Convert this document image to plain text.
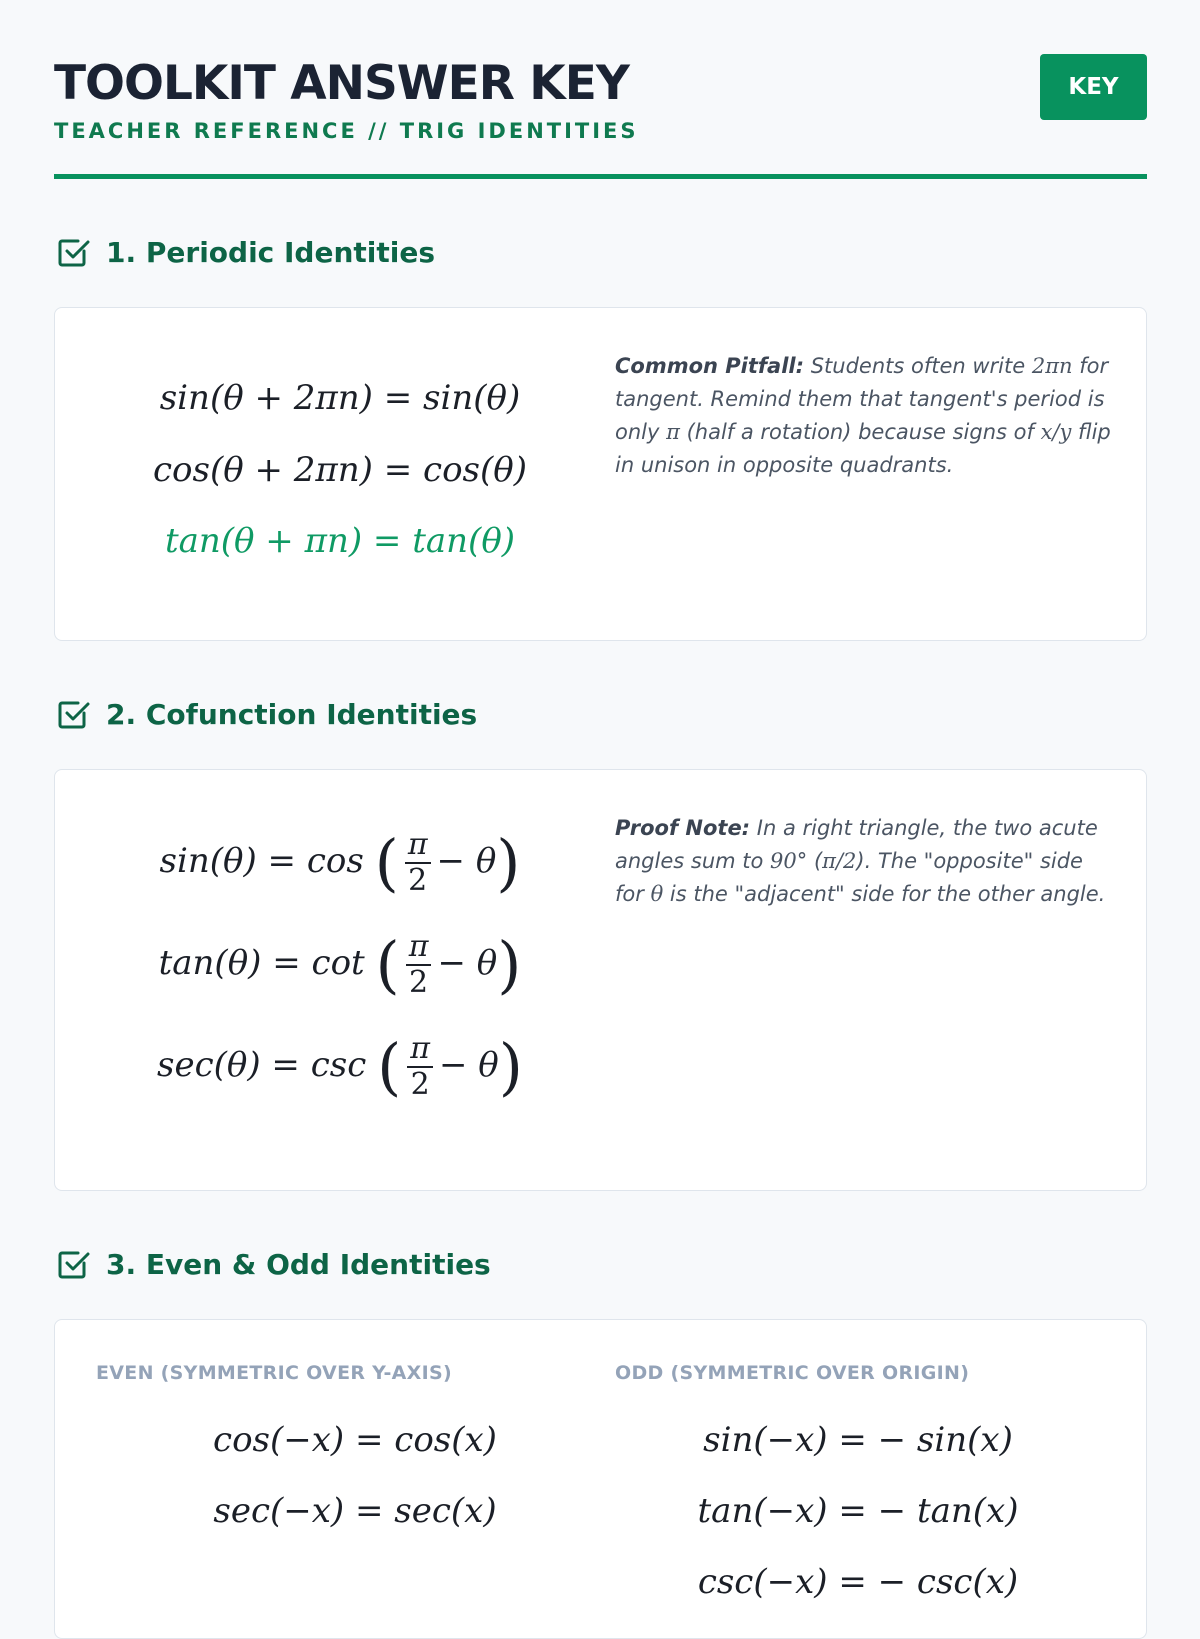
TOOLKIT ANSWER KEY
TEACHER REFERENCE // TRIG IDENTITIES
KEY
1. Periodic Identities
sin(θ + 2πn) = sin(θ)
cos(θ + 2πn) = cos(θ)
tan(θ + πn) = tan(θ)
Common Pitfall: Students often write 2πn for tangent. Remind them that tangent's period is only π (half a rotation) because signs of x/y flip in unison in opposite quadrants.
2. Cofunction Identities
sin(θ) = cos ( $\frac{\pi}{2} - \theta$)
tan(θ) = cot ( $\frac{\pi}{2} - \theta$)
sec(θ) = csc ( $\frac{\pi}{2} - \theta$)
Proof Note: In a right triangle, the two acute angles sum to 90° (π/2). The "opposite" side for θ is the "adjacent" side for the other angle.
3. Even & Odd Identities
EVEN (SYMMETRIC OVER Y-AXIS)	ODD (SYMMETRIC OVER ORIGIN)
cos(−x) = cos(x)
sec(−x) = sec(x)
sin(−x) = − sin(x)
tan(−x) = − tan(x)
csc(−x) = − csc(x)
